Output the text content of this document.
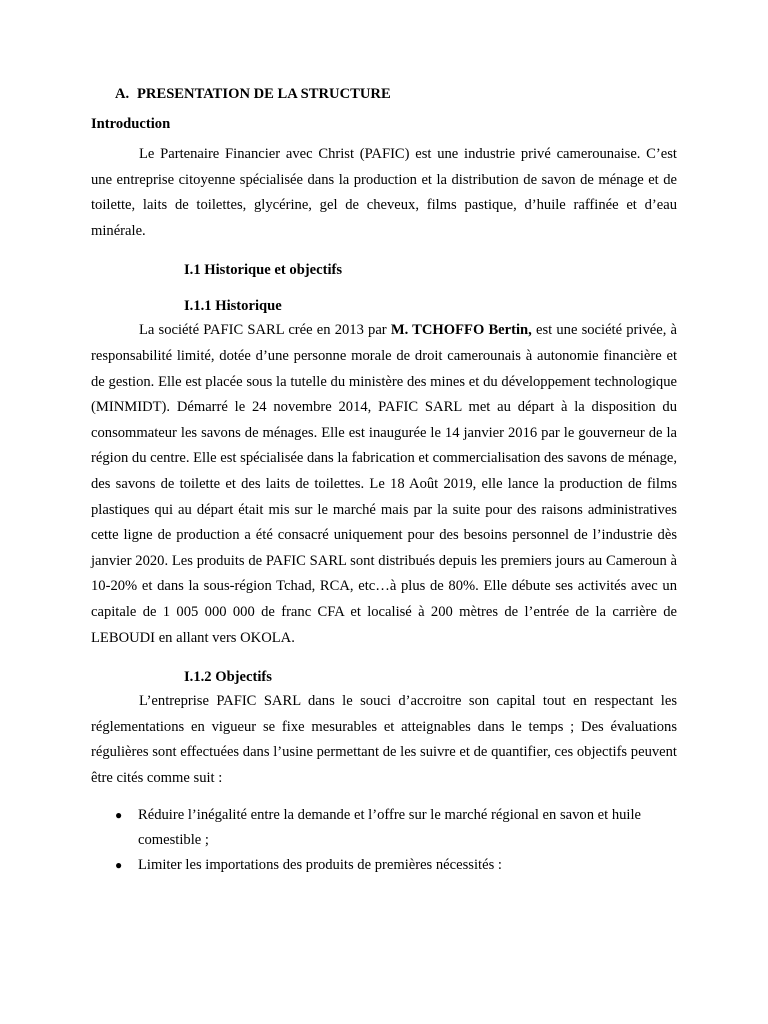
A. PRESENTATION DE LA STRUCTURE
Introduction

Le Partenaire Financier avec Christ (PAFIC) est une industrie privé camerounaise. C’est une entreprise citoyenne spécialisée dans la production et la distribution de savon de ménage et de toilette, laits de toilettes, glycérine, gel de cheveux, films pastique, d’huile raffinée et d’eau minérale.

I.1 Historique et objectifs
I.1.1 Historique

La société PAFIC SARL crée en 2013 par M. TCHOFFO Bertin, est une société privée, à responsabilité limité, dotée d’une personne morale de droit camerounais à autonomie financière et de gestion. Elle est placée sous la tutelle du ministère des mines et du développement technologique (MINMIDT). Démarré le 24 novembre 2014, PAFIC SARL met au départ à la disposition du consommateur les savons de ménages. Elle est inaugurée le 14 janvier 2016 par le gouverneur de la région du centre. Elle est spécialisée dans la fabrication et commercialisation des savons de ménage, des savons de toilette et des laits de toilettes. Le 18 Août 2019, elle lance la production de films plastiques qui au départ était mis sur le marché mais par la suite pour des raisons administratives cette ligne de production a été consacré uniquement pour des besoins personnel de l’industrie dès janvier 2020. Les produits de PAFIC SARL sont distribués depuis les premiers jours au Cameroun à 10-20% et dans la sous-région Tchad, RCA, etc…à plus de 80%. Elle débute ses activités avec un capitale de 1 005 000 000 de franc CFA et localisé à 200 mètres de l’entrée de la carrière de LEBOUDI en allant vers OKOLA.

I.1.2 Objectifs

L’entreprise PAFIC SARL dans le souci d’accroitre son capital tout en respectant les réglementations en vigueur se fixe mesurables et atteignables dans le temps ; Des évaluations régulières sont effectuées dans l’usine permettant de les suivre et de quantifier, ces objectifs peuvent être cités comme suit :

● Réduire l’inégalité entre la demande et l’offre sur le marché régional en savon et huile comestible ;
● Limiter les importations des produits de premières nécessités :
